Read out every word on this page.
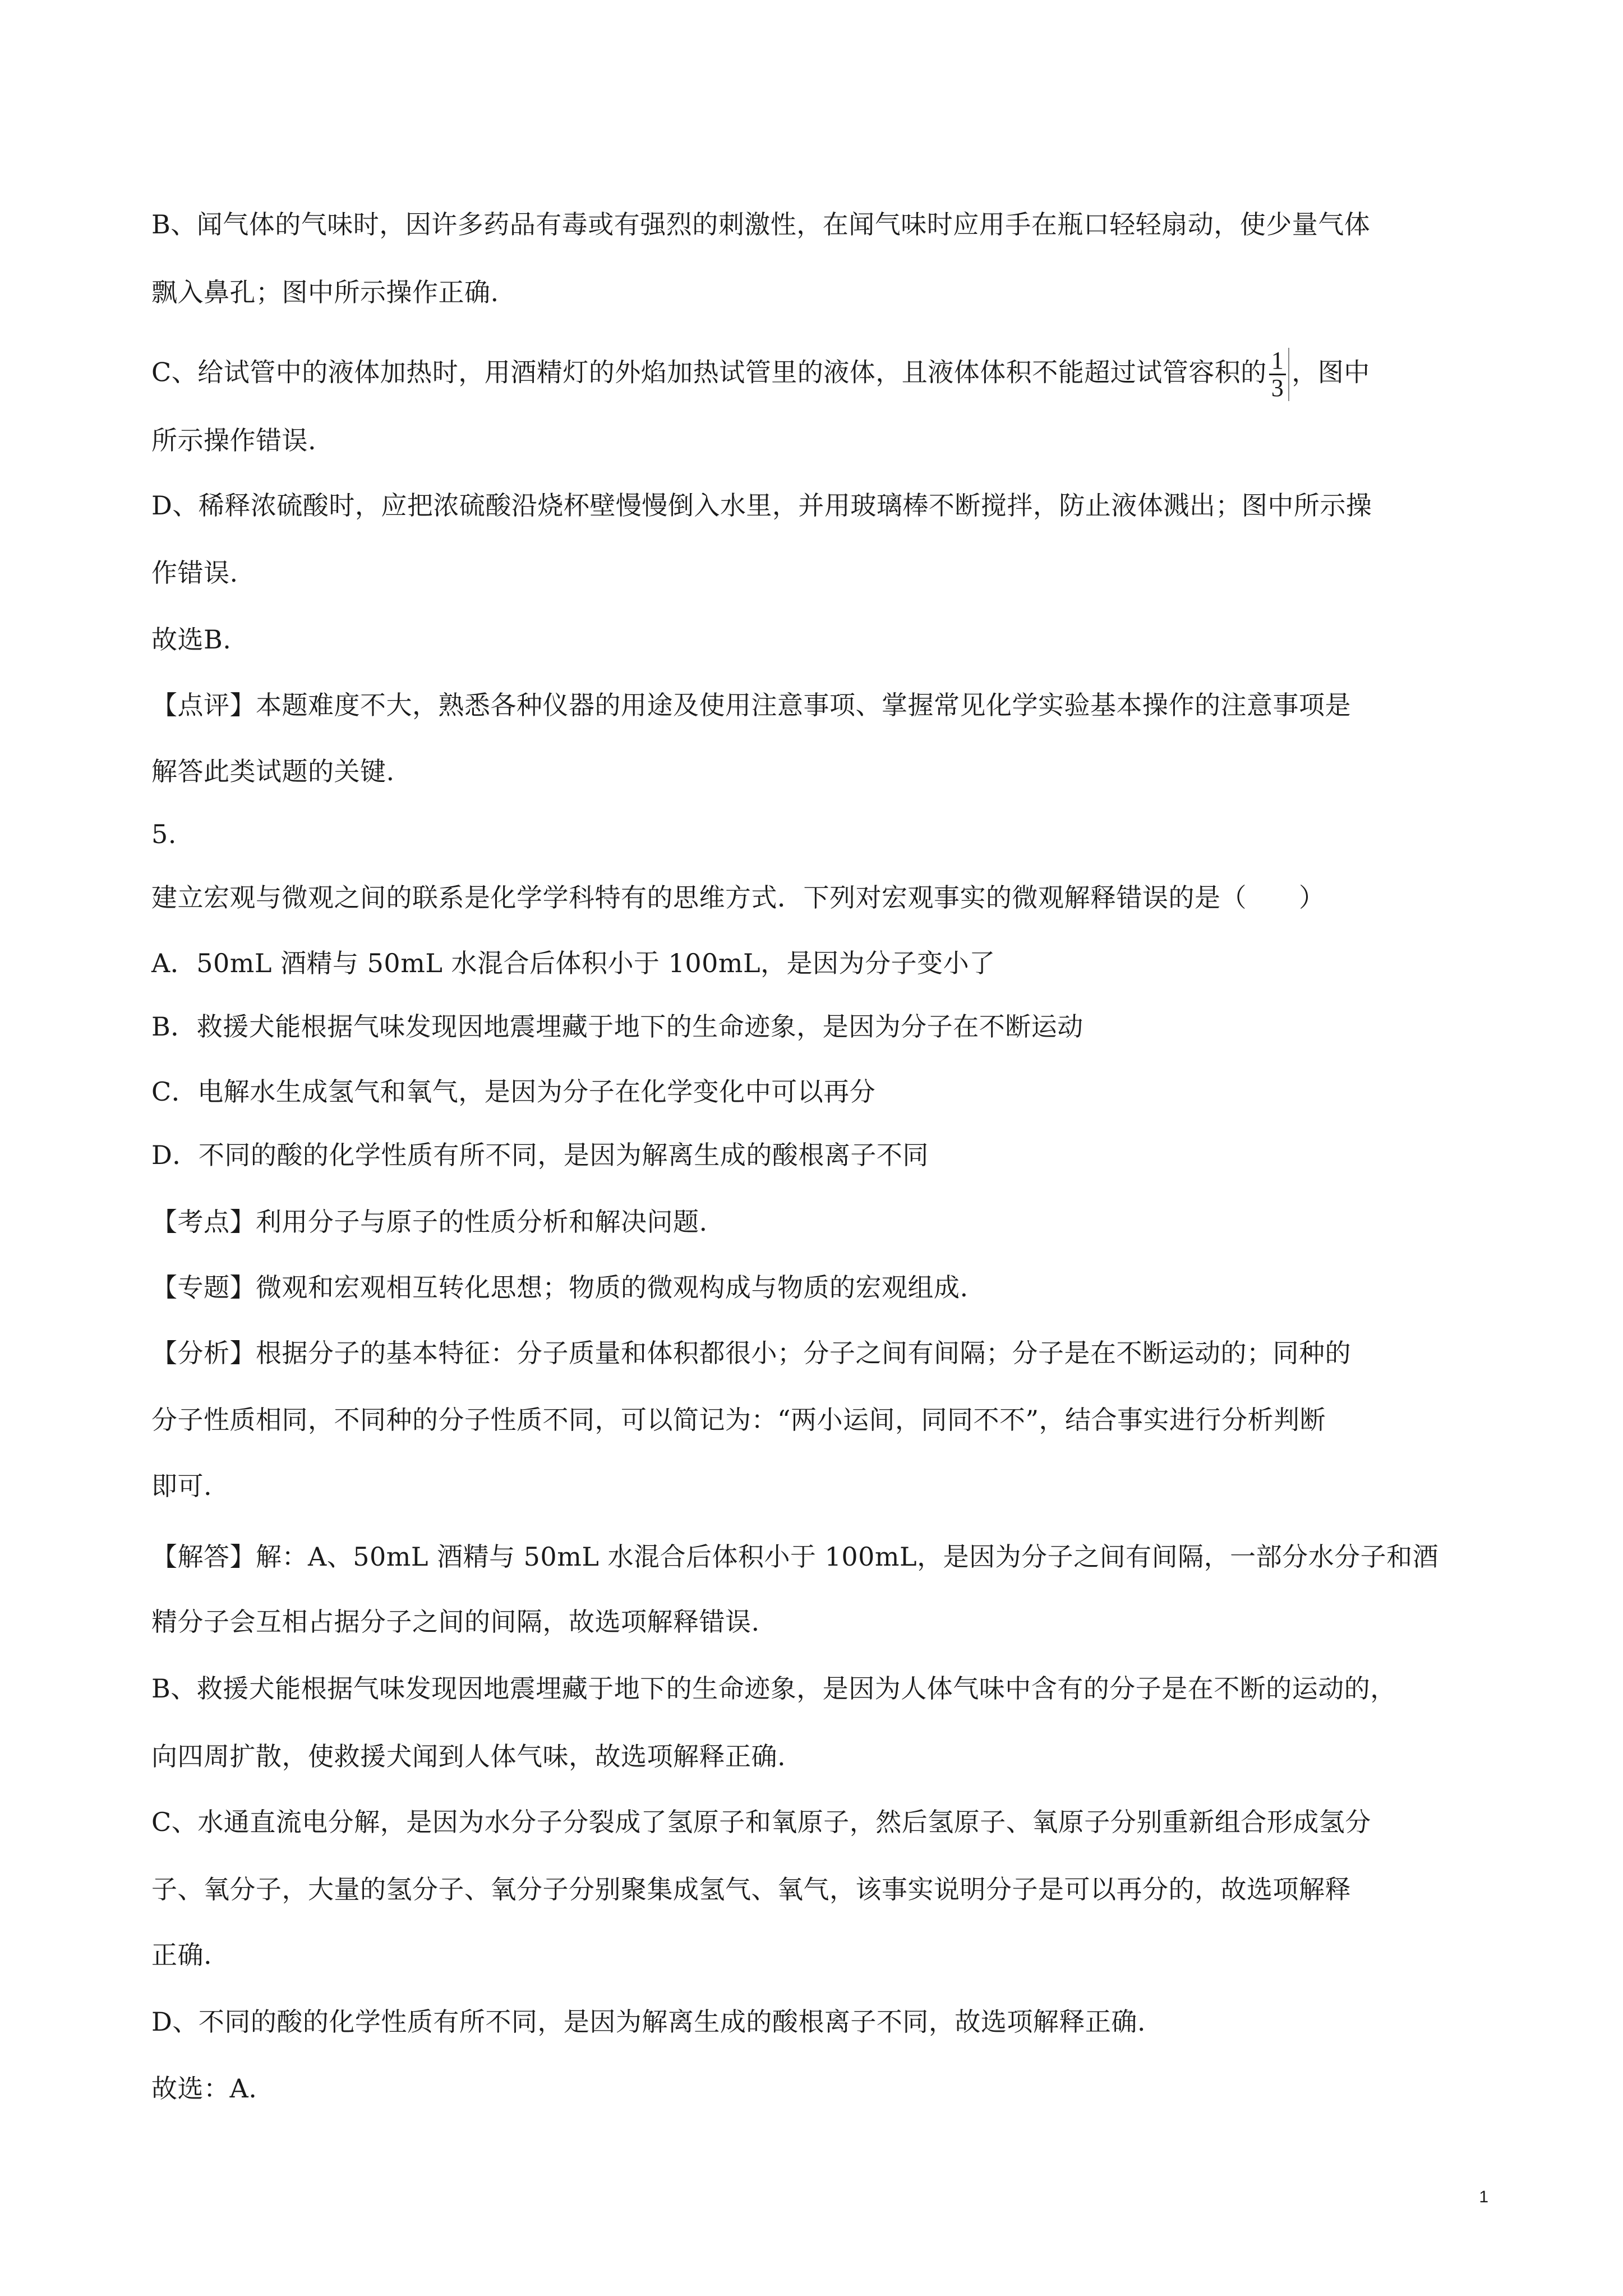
B、闻气体的气味时，因许多药品有毒或有强烈的刺激性，在闻气味时应用手在瓶口轻轻扇动，使少量气体

飘入鼻孔；图中所示操作正确.

C、给试管中的液体加热时，用酒精灯的外焰加热试管里的液体，且液体体积不能超过试管容积的 $\frac{1}{3}$ ，图中

所示操作错误.

D、稀释浓硫酸时，应把浓硫酸沿烧杯壁慢慢倒入水里，并用玻璃棒不断搅拌，防止液体溅出；图中所示操

作错误.

故选B.

【点评】本题难度不大，熟悉各种仪器的用途及使用注意事项、掌握常见化学实验基本操作的注意事项是

解答此类试题的关键.

5.

建立宏观与微观之间的联系是化学学科特有的思维方式．下列对宏观事实的微观解释错误的是（　　）

A．50mL 酒精与 50mL 水混合后体积小于 100mL，是因为分子变小了

B．救援犬能根据气味发现因地震埋藏于地下的生命迹象，是因为分子在不断运动

C．电解水生成氢气和氧气，是因为分子在化学变化中可以再分

D．不同的酸的化学性质有所不同，是因为解离生成的酸根离子不同

【考点】利用分子与原子的性质分析和解决问题.

【专题】微观和宏观相互转化思想；物质的微观构成与物质的宏观组成.

【分析】根据分子的基本特征：分子质量和体积都很小；分子之间有间隔；分子是在不断运动的；同种的

分子性质相同，不同种的分子性质不同，可以简记为：“两小运间，同同不不”，结合事实进行分析判断

即可.

【解答】解：A、50mL 酒精与 50mL 水混合后体积小于 100mL，是因为分子之间有间隔，一部分水分子和酒

精分子会互相占据分子之间的间隔，故选项解释错误.

B、救援犬能根据气味发现因地震埋藏于地下的生命迹象，是因为人体气味中含有的分子是在不断的运动的，

向四周扩散，使救援犬闻到人体气味，故选项解释正确.

C、水通直流电分解，是因为水分子分裂成了氢原子和氧原子，然后氢原子、氧原子分别重新组合形成氢分

子、氧分子，大量的氢分子、氧分子分别聚集成氢气、氧气，该事实说明分子是可以再分的，故选项解释

正确.

D、不同的酸的化学性质有所不同，是因为解离生成的酸根离子不同，故选项解释正确.

故选：A.

1
